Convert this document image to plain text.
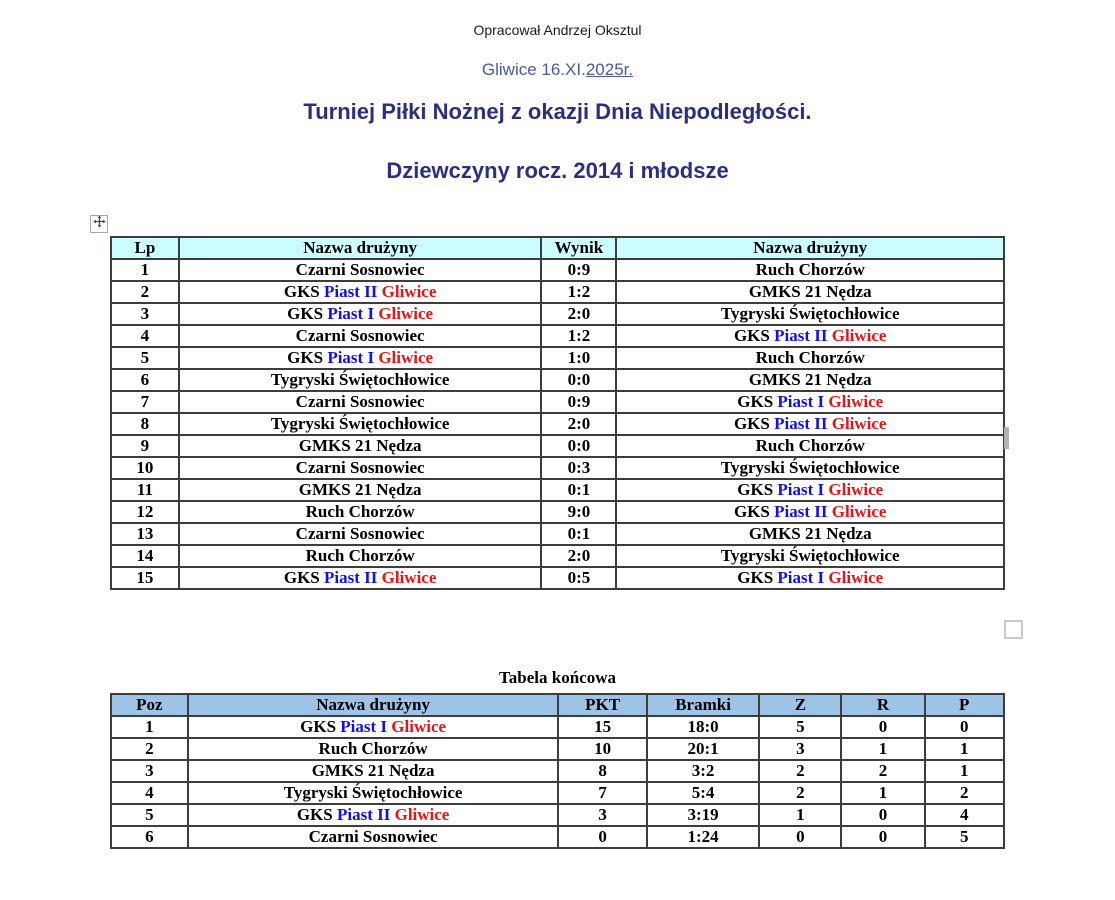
Opracował Andrzej Oksztul
Gliwice 16.XI.2025r.
Turniej Piłki Nożnej z okazji Dnia Niepodległości.
Dziewczyny rocz. 2014 i młodsze
Lp	Nazwa drużyny	Wynik	Nazwa drużyny
1	Czarni Sosnowiec	0:9	Ruch Chorzów
2	GKS Piast II Gliwice	1:2	GMKS 21 Nędza
3	GKS Piast I Gliwice	2:0	Tygryski Świętochłowice
4	Czarni Sosnowiec	1:2	GKS Piast II Gliwice
5	GKS Piast I Gliwice	1:0	Ruch Chorzów
6	Tygryski Świętochłowice	0:0	GMKS 21 Nędza
7	Czarni Sosnowiec	0:9	GKS Piast I Gliwice
8	Tygryski Świętochłowice	2:0	GKS Piast II Gliwice
9	GMKS 21 Nędza	0:0	Ruch Chorzów
10	Czarni Sosnowiec	0:3	Tygryski Świętochłowice
11	GMKS 21 Nędza	0:1	GKS Piast I Gliwice
12	Ruch Chorzów	9:0	GKS Piast II Gliwice
13	Czarni Sosnowiec	0:1	GMKS 21 Nędza
14	Ruch Chorzów	2:0	Tygryski Świętochłowice
15	GKS Piast II Gliwice	0:5	GKS Piast I Gliwice
Tabela końcowa
Poz	Nazwa drużyny	PKT	Bramki	Z	R	P
1	GKS Piast I Gliwice	15	18:0	5	0	0
2	Ruch Chorzów	10	20:1	3	1	1
3	GMKS 21 Nędza	8	3:2	2	2	1
4	Tygryski Świętochłowice	7	5:4	2	1	2
5	GKS Piast II Gliwice	3	3:19	1	0	4
6	Czarni Sosnowiec	0	1:24	0	0	5
